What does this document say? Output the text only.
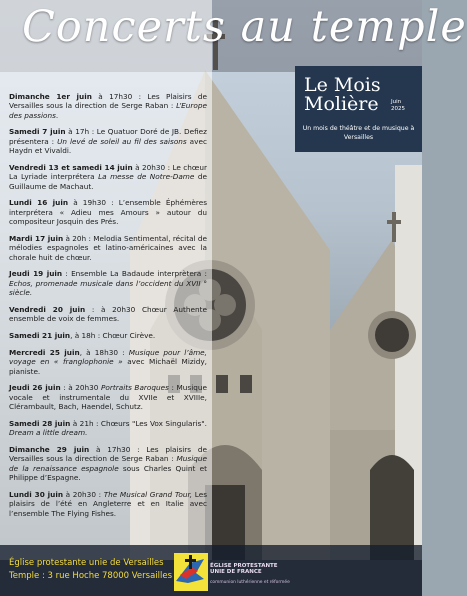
Concerts au temple
Le Mois
Molière Juin
2025
Un mois de théâtre et de musique à Versailles
Dimanche 1er juin à 17h30 : Les Plaisirs de Versailles sous la direction de Serge Raban : L’Europe des passions.
Samedi 7 juin à 17h : Le Quatuor Doré de JB. Defiez présentera : Un levé de soleil au fil des saisons avec Haydn et Vivaldi.
Vendredi 13 et samedi 14 juin à 20h30 : Le chœur La Lyriade interprétera La messe de Notre-Dame de Guillaume de Machaut.
Lundi 16 juin à 19h30 : L’ensemble Éphémères interprétera « Adieu mes Amours » autour du compositeur Josquin des Prés.
Mardi 17 juin à 20h : Melodia Sentimental, récital de mélodies espagnoles et latino-américaines avec la chorale huit de chœur.
Jeudi 19 juin : Ensemble La Badaude interprètera : Echos, promenade musicale dans l’occident du XVII ° siècle.
Vendredi 20 juin : à 20h30 Chœur Authente ensemble de voix de femmes.
Samedi 21 juin, à 18h : Chœur Cirève.
Mercredi 25 juin, à 18h30 : Musique pour l’âme, voyage en « franglophonie » avec Michaël Mizidy, pianiste.
Jeudi 26 juin : à 20h30 Portraits Baroques : Musique vocale et instrumentale du XVIIe et XVIIIe, Clérambault, Bach, Haendel, Schutz.
Samedi 28 juin à 21h : Chœurs "Les Vox Singularis". Dream a little dream.
Dimanche 29 juin à 17h30 : Les plaisirs de Versailles sous la direction de Serge Raban : Musique de la renaissance espagnole sous Charles Quint et Philippe d’Espagne.
Lundi 30 juin à 20h30 : The Musical Grand Tour, Les plaisirs de l’été en Angleterre et en Italie avec l’ensemble The Flying Fishes.
Église protestante unie de Versailles
Temple : 3 rue Hoche 78000 Versailles
ÉGLISE PROTESTANTE
UNIE DE FRANCE
communion luthérienne et réformée
